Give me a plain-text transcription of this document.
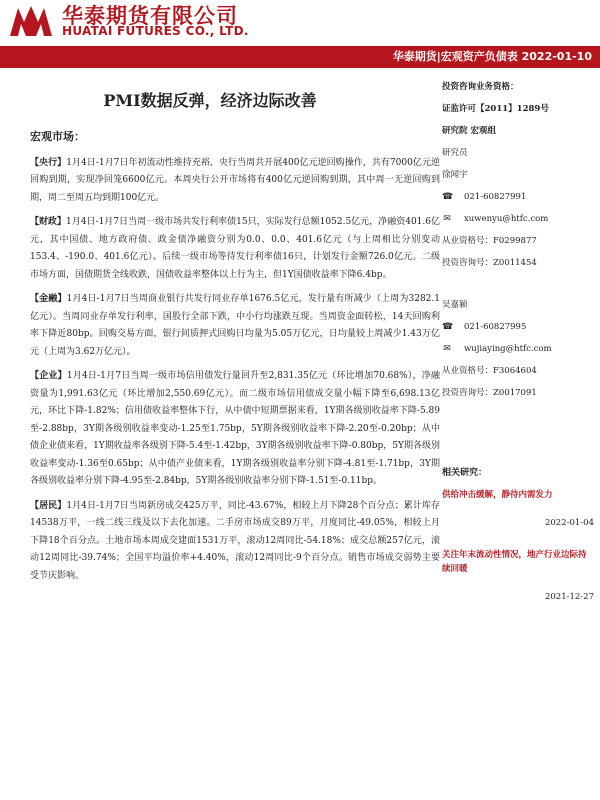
华泰期货有限公司
HUATAI FUTURES CO., LTD.
华泰期货|宏观资产负债表 2022-01-10
PMI数据反弹，经济边际改善
宏观市场：

【央行】1月4日-1月7日年初流动性维持充裕，央行当周共开展400亿元逆回购操作，共有7000亿元逆回购到期，实现净回笼6600亿元。本周央行公开市场将有400亿元逆回购到期，其中周一无逆回购到期，周二至周五均到期100亿元。

【财政】1月4日-1月7日当周一级市场共发行利率债15只，实际发行总额1052.5亿元，净融资401.6亿元，其中国债、地方政府债、政金债净融资分别为0.0、0.0、401.6亿元（与上周相比分别变动153.4、-190.0、401.6亿元）。后续一级市场等待发行利率债16只，计划发行金额726.0亿元。二级市场方面，国债期货全线收跌，国债收益率整体以上行为主，但1Y国债收益率下降6.4bp。

【金融】1月4日-1月7日当周商业银行共发行同业存单1676.5亿元，发行量有所减少（上周为3282.1亿元）。当周同业存单发行利率，国股行全部下跌，中小行均涨跌互现。当周资金面转松，14天回购利率下降近80bp。回购交易方面，银行间质押式回购日均量为5.05万亿元，日均量较上周减少1.43万亿元（上周为3.62万亿元）。

【企业】1月4日-1月7日当周一级市场信用债发行量回升至2,831.35亿元（环比增加70.68%），净融资量为1,991.63亿元（环比增加2,550.69亿元）。而二级市场信用债成交量小幅下降至6,698.13亿元，环比下降-1.82%；信用债收益率整体下行，从中债中短期票据来看，1Y期各级别收益率下降-5.89至-2.88bp，3Y期各级别收益率变动-1.25至1.75bp，5Y期各级别收益率下降-2.20至-0.20bp；从中债企业债来看，1Y期收益率各级别下降-5.4至-1.42bp，3Y期各级别收益率下降-0.80bp，5Y期各级别收益率变动-1.36至0.65bp；从中债产业债来看，1Y期各级别收益率分别下降-4.81至-1.71bp，3Y期各级别收益率分别下降-4.95至-2.84bp，5Y期各级别收益率分别下降-1.51至-0.11bp。

【居民】1月4日-1月7日当周新房成交425万平，同比-43.67%，相较上月下降28个百分点；累计库存14538万平，一线二线三线及以下去化加速。二手房市场成交89万平，月度同比-49.05%，相较上月下降18个百分点。土地市场本周成交建面1531万平，滚动12周同比-54.18%；成交总额257亿元，滚动12周同比-39.74%；全国平均溢价率+4.40%，滚动12周同比-9个百分点。销售市场成交弱势主要受节庆影响。

投资咨询业务资格：
证监许可【2011】1289号
研究院 宏观组
研究员
徐闻宇
☎ 021-60827991
✉ xuwenyu@htfc.com
从业资格号：F0299877
投资咨询号：Z0011454
吴嘉颖
☎ 021-60827995
✉ wujiaying@htfc.com
从业资格号：F3064604
投资咨询号：Z0017091
相关研究：
供给冲击缓解，静待内需发力
2022-01-04
关注年末流动性情况，地产行业边际持续回暖
2021-12-27
